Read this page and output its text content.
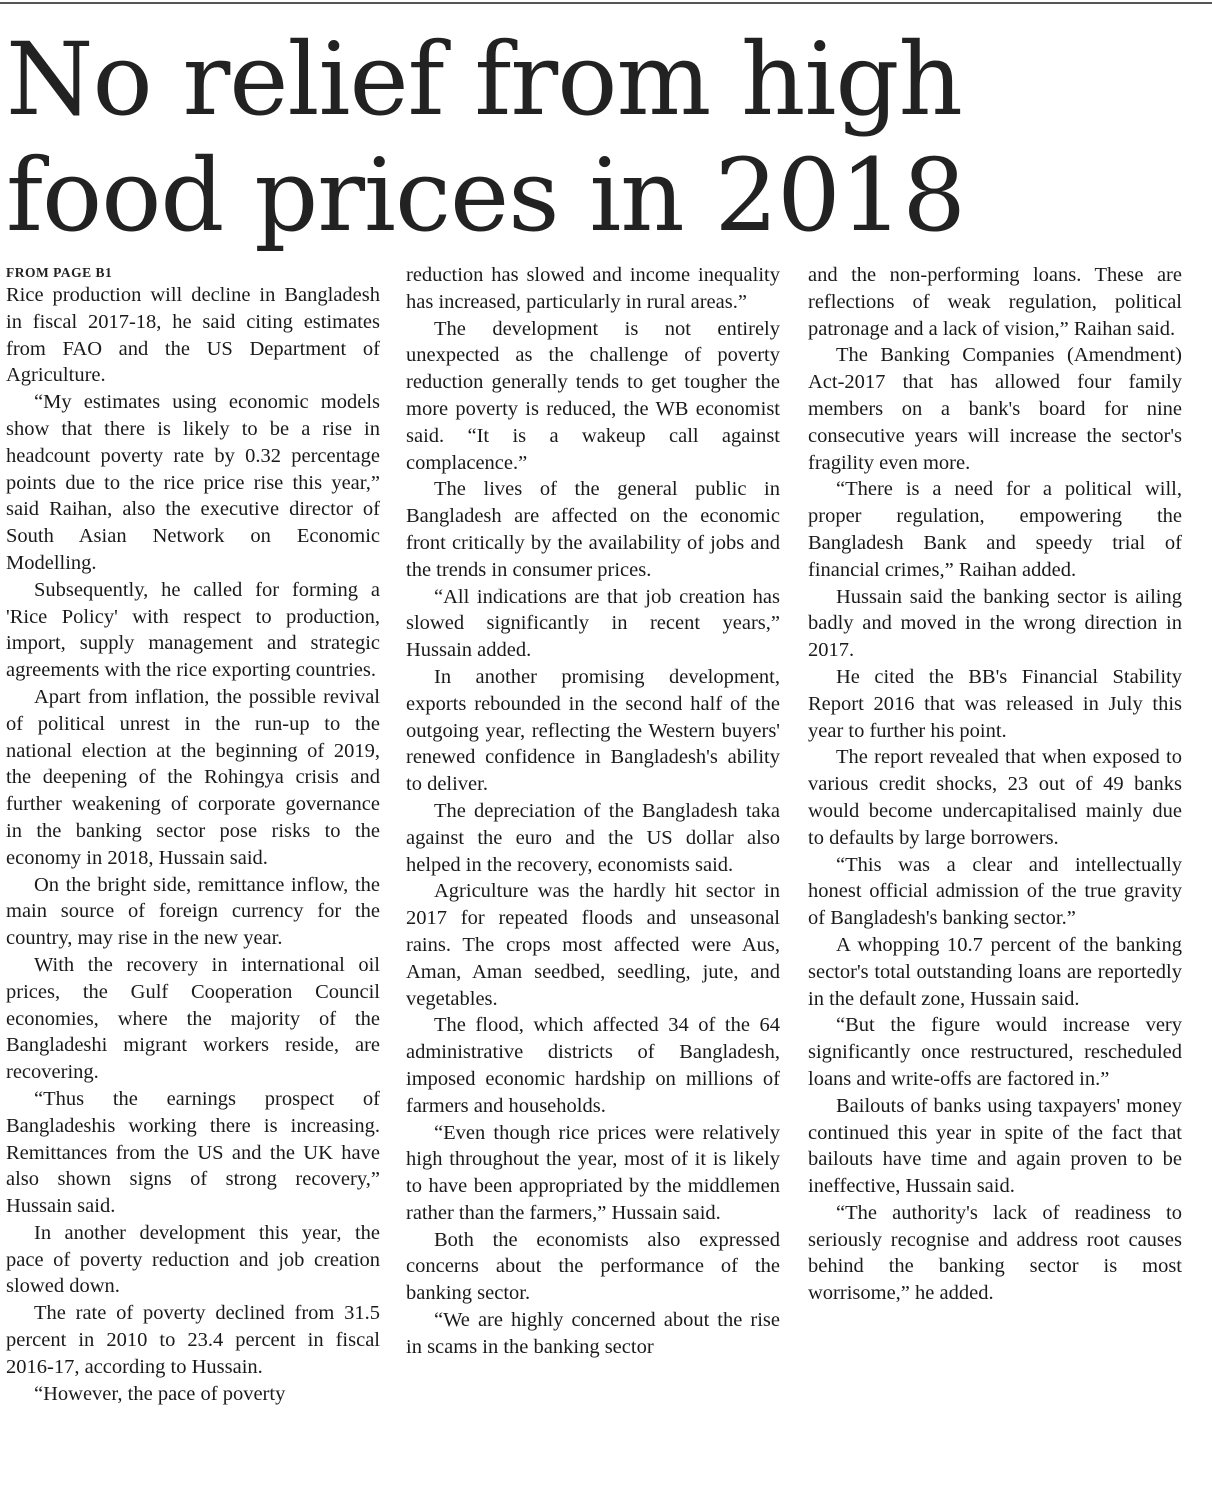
No relief from high food prices in 2018
FROM PAGE B1

Rice production will decline in Bangladesh in fiscal 2017-18, he said citing estimates from FAO and the US Department of Agriculture.

“My estimates using economic models show that there is likely to be a rise in headcount poverty rate by 0.32 percentage points due to the rice price rise this year,” said Raihan, also the executive director of South Asian Network on Economic Modelling.

Subsequently, he called for forming a 'Rice Policy' with respect to production, import, supply management and strategic agreements with the rice exporting countries.

Apart from inflation, the possible revival of political unrest in the run-up to the national election at the beginning of 2019, the deepening of the Rohingya crisis and further weakening of corporate governance in the banking sector pose risks to the economy in 2018, Hussain said.

On the bright side, remittance inflow, the main source of foreign currency for the country, may rise in the new year.

With the recovery in international oil prices, the Gulf Cooperation Council economies, where the majority of the Bangladeshi migrant workers reside, are recovering.

“Thus the earnings prospect of Bangladeshis working there is increasing. Remittances from the US and the UK have also shown signs of strong recovery,” Hussain said.

In another development this year, the pace of poverty reduction and job creation slowed down.

The rate of poverty declined from 31.5 percent in 2010 to 23.4 percent in fiscal 2016-17, according to Hussain.

“However, the pace of poverty

reduction has slowed and income inequality has increased, particularly in rural areas.”

The development is not entirely unexpected as the challenge of poverty reduction generally tends to get tougher the more poverty is reduced, the WB economist said. “It is a wakeup call against complacence.”

The lives of the general public in Bangladesh are affected on the economic front critically by the availability of jobs and the trends in consumer prices.

“All indications are that job creation has slowed significantly in recent years,” Hussain added.

In another promising development, exports rebounded in the second half of the outgoing year, reflecting the Western buyers' renewed confidence in Bangladesh's ability to deliver.

The depreciation of the Bangladesh taka against the euro and the US dollar also helped in the recovery, economists said.

Agriculture was the hardly hit sector in 2017 for repeated floods and unseasonal rains. The crops most affected were Aus, Aman, Aman seedbed, seedling, jute, and vegetables.

The flood, which affected 34 of the 64 administrative districts of Bangladesh, imposed economic hardship on millions of farmers and households.

“Even though rice prices were relatively high throughout the year, most of it is likely to have been appropriated by the middlemen rather than the farmers,” Hussain said.

Both the economists also expressed concerns about the performance of the banking sector.

“We are highly concerned about the rise in scams in the banking sector

and the non-performing loans. These are reflections of weak regulation, political patronage and a lack of vision,” Raihan said.

The Banking Companies (Amendment) Act-2017 that has allowed four family members on a bank's board for nine consecutive years will increase the sector's fragility even more.

“There is a need for a political will, proper regulation, empowering the Bangladesh Bank and speedy trial of financial crimes,” Raihan added.

Hussain said the banking sector is ailing badly and moved in the wrong direction in 2017.

He cited the BB's Financial Stability Report 2016 that was released in July this year to further his point.

The report revealed that when exposed to various credit shocks, 23 out of 49 banks would become undercapitalised mainly due to defaults by large borrowers.

“This was a clear and intellectually honest official admission of the true gravity of Bangladesh's banking sector.”

A whopping 10.7 percent of the banking sector's total outstanding loans are reportedly in the default zone, Hussain said.

“But the figure would increase very significantly once restructured, rescheduled loans and write-offs are factored in.”

Bailouts of banks using taxpayers' money continued this year in spite of the fact that bailouts have time and again proven to be ineffective, Hussain said.

“The authority's lack of readiness to seriously recognise and address root causes behind the banking sector is most worrisome,” he added.
